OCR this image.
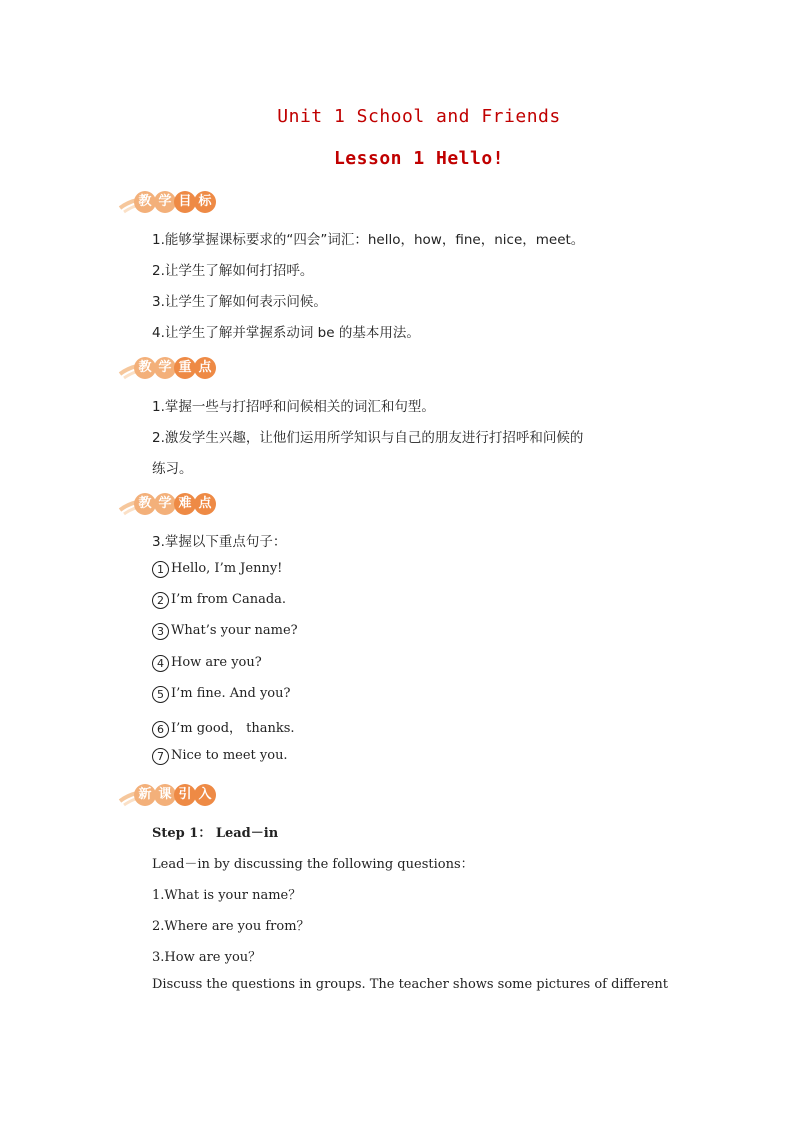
Unit 1 School and Friends
Lesson 1 Hello!
教 学 目 标
1.能够掌握课标要求的“四会”词汇：hello，how，fine，nice，meet。
2.让学生了解如何打招呼。
3.让学生了解如何表示问候。
4.让学生了解并掌握系动词 be 的基本用法。
教 学 重 点
1.掌握一些与打招呼和问候相关的词汇和句型。
2.激发学生兴趣，让他们运用所学知识与自己的朋友进行打招呼和问候的
练习。
教 学 难 点
3.掌握以下重点句子：
1 Hello, I’m Jenny!
2 I’m from Canada.
3 What’s your name?
4 How are you?
5 I’m fine. And you?
6 I’m good， thanks.
7 Nice to meet you.
新 课 引 入
Step 1： Lead－in
Lead－in by discussing the following questions：
1.What is your name？
2.Where are you from？
3.How are you？
Discuss the questions in groups. The teacher shows some pictures of different
